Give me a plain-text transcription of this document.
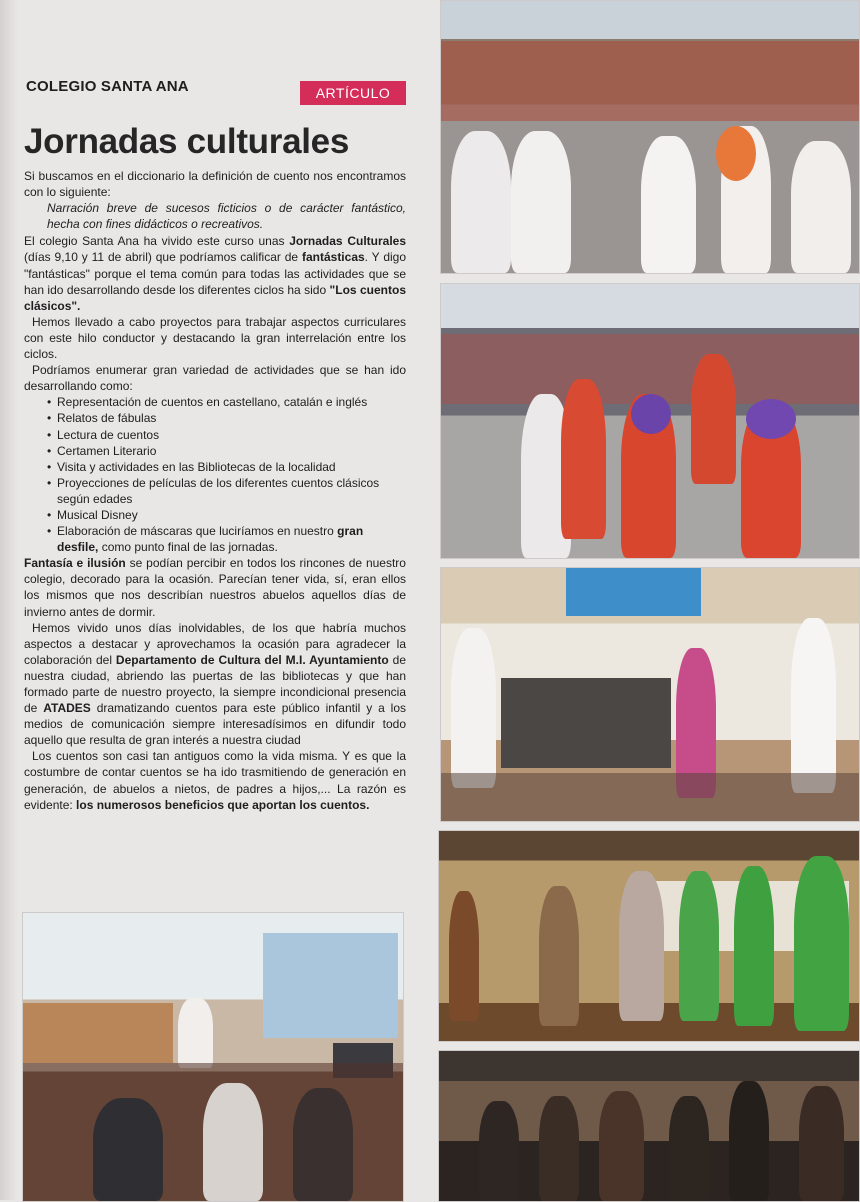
COLEGIO SANTA ANA	ARTÍCULO
Jornadas culturales

Si buscamos en el diccionario la definición de cuento nos encontramos con lo siguiente:

Narración breve de sucesos ficticios o de carácter fantástico, hecha con fines didácticos o recreativos.

El colegio Santa Ana ha vivido este curso unas Jornadas Culturales (días 9,10 y 11 de abril) que podríamos calificar de fantásticas. Y digo "fantásticas" porque el tema común para todas las actividades que se han ido desarrollando desde los diferentes ciclos ha sido "Los cuentos clásicos".

Hemos llevado a cabo proyectos para trabajar aspectos curriculares con este hilo conductor y destacando la gran interrelación entre los ciclos.

Podríamos enumerar gran variedad de actividades que se han ido desarrollando como:

• Representación de cuentos en castellano, catalán e inglés
• Relatos de fábulas
• Lectura de cuentos
• Certamen Literario
• Visita y actividades en las Bibliotecas de la localidad
• Proyecciones de películas de los diferentes cuentos clásicos según edades
• Musical Disney
• Elaboración de máscaras que luciríamos en nuestro gran desfile, como punto final de las jornadas.

Fantasía e ilusión se podían percibir en todos los rincones de nuestro colegio, decorado para la ocasión. Parecían tener vida, sí, eran ellos los mismos que nos describían nuestros abuelos aquellos días de invierno antes de dormir.

Hemos vivido unos días inolvidables, de los que habría muchos aspectos a destacar y aprovechamos la ocasión para agradecer la colaboración del Departamento de Cultura del M.I. Ayuntamiento de nuestra ciudad, abriendo las puertas de las bibliotecas y que han formado parte de nuestro proyecto, la siempre incondicional presencia de ATADES dramatizando cuentos para este público infantil y a los medios de comunicación siempre interesadísimos en difundir todo aquello que resulta de gran interés a nuestra ciudad

Los cuentos son casi tan antiguos como la vida misma. Y es que la costumbre de contar cuentos se ha ido trasmitiendo de generación en generación, de abuelos a nietos, de padres a hijos,... La razón es evidente: los numerosos beneficios que aportan los cuentos.
